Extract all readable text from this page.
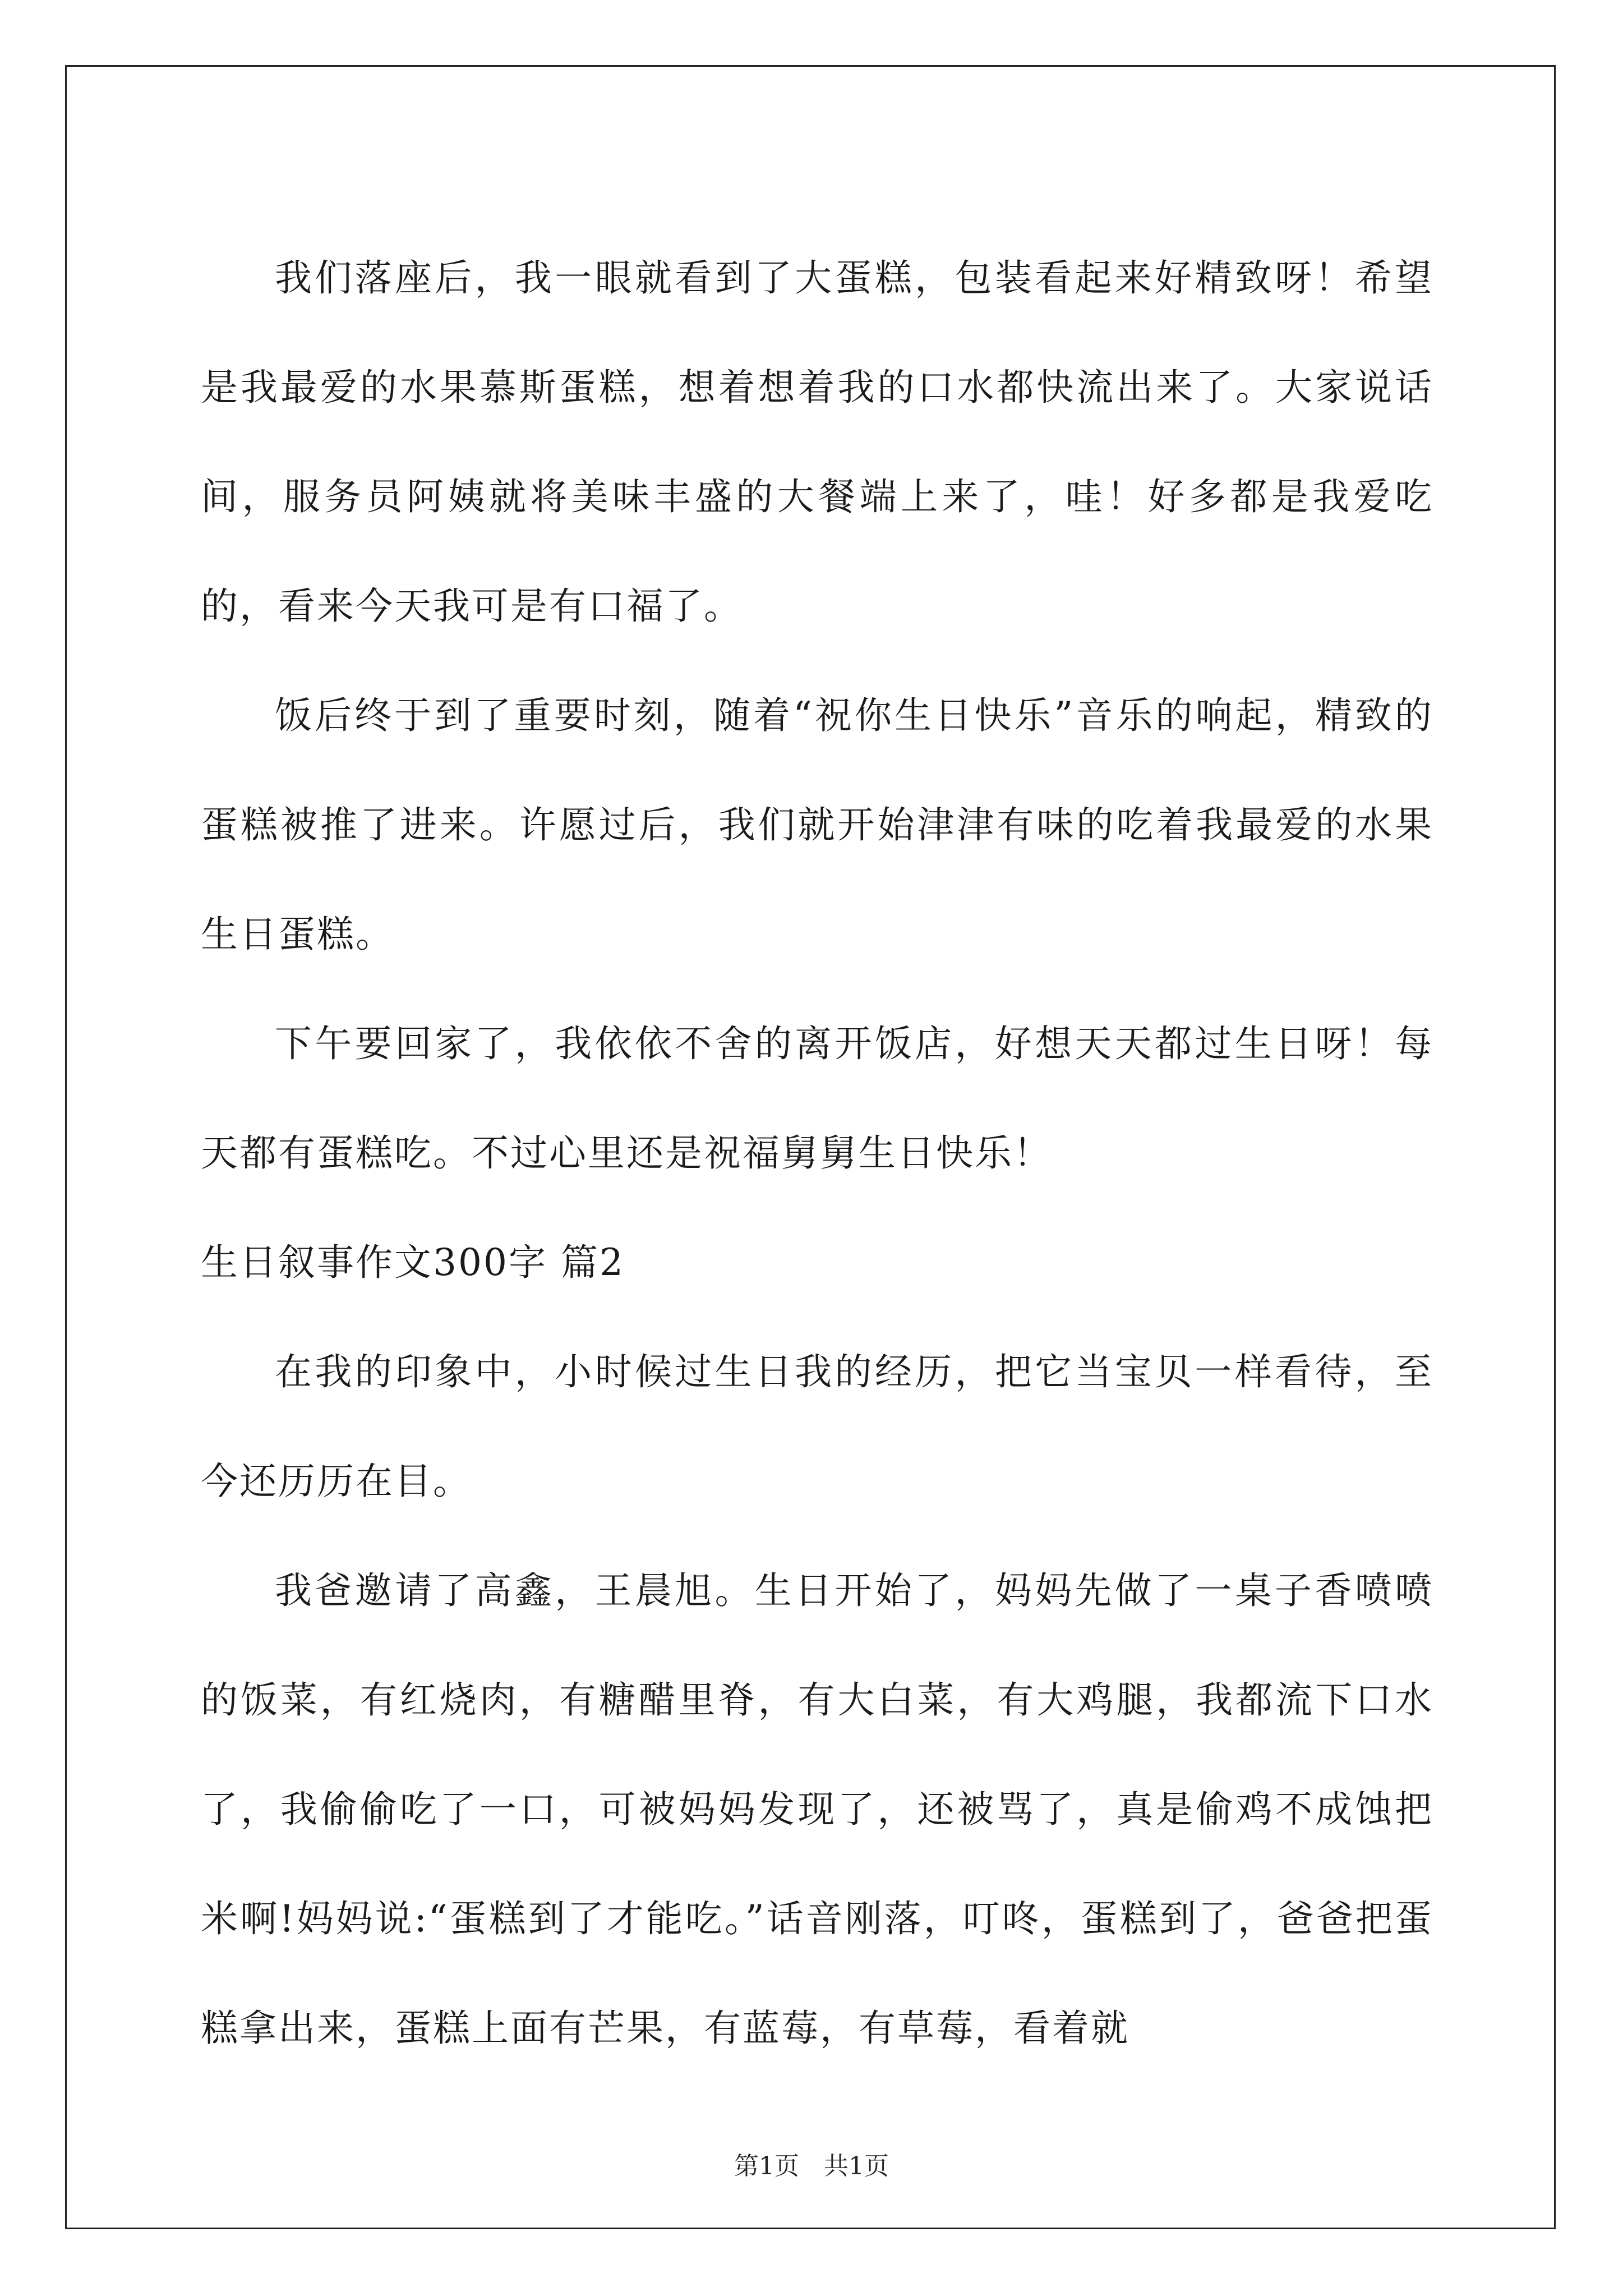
我们落座后，我一眼就看到了大蛋糕，包装看起来好精致呀！希望是我最爱的水果慕斯蛋糕，想着想着我的口水都快流出来了。大家说话间，服务员阿姨就将美味丰盛的大餐端上来了，哇！好多都是我爱吃的，看来今天我可是有口福了。

饭后终于到了重要时刻，随着“祝你生日快乐”音乐的响起，精致的蛋糕被推了进来。许愿过后，我们就开始津津有味的吃着我最爱的水果生日蛋糕。

下午要回家了，我依依不舍的离开饭店，好想天天都过生日呀！每天都有蛋糕吃。不过心里还是祝福舅舅生日快乐！

生日叙事作文300字 篇2

在我的印象中，小时候过生日我的经历，把它当宝贝一样看待，至今还历历在目。

我爸邀请了高鑫，王晨旭。生日开始了，妈妈先做了一桌子香喷喷的饭菜，有红烧肉，有糖醋里脊，有大白菜，有大鸡腿，我都流下口水了，我偷偷吃了一口，可被妈妈发现了，还被骂了，真是偷鸡不成蚀把米啊!妈妈说:“蛋糕到了才能吃。”话音刚落，叮咚，蛋糕到了，爸爸把蛋糕拿出来，蛋糕上面有芒果，有蓝莓，有草莓，看着就

第1页 共1页
